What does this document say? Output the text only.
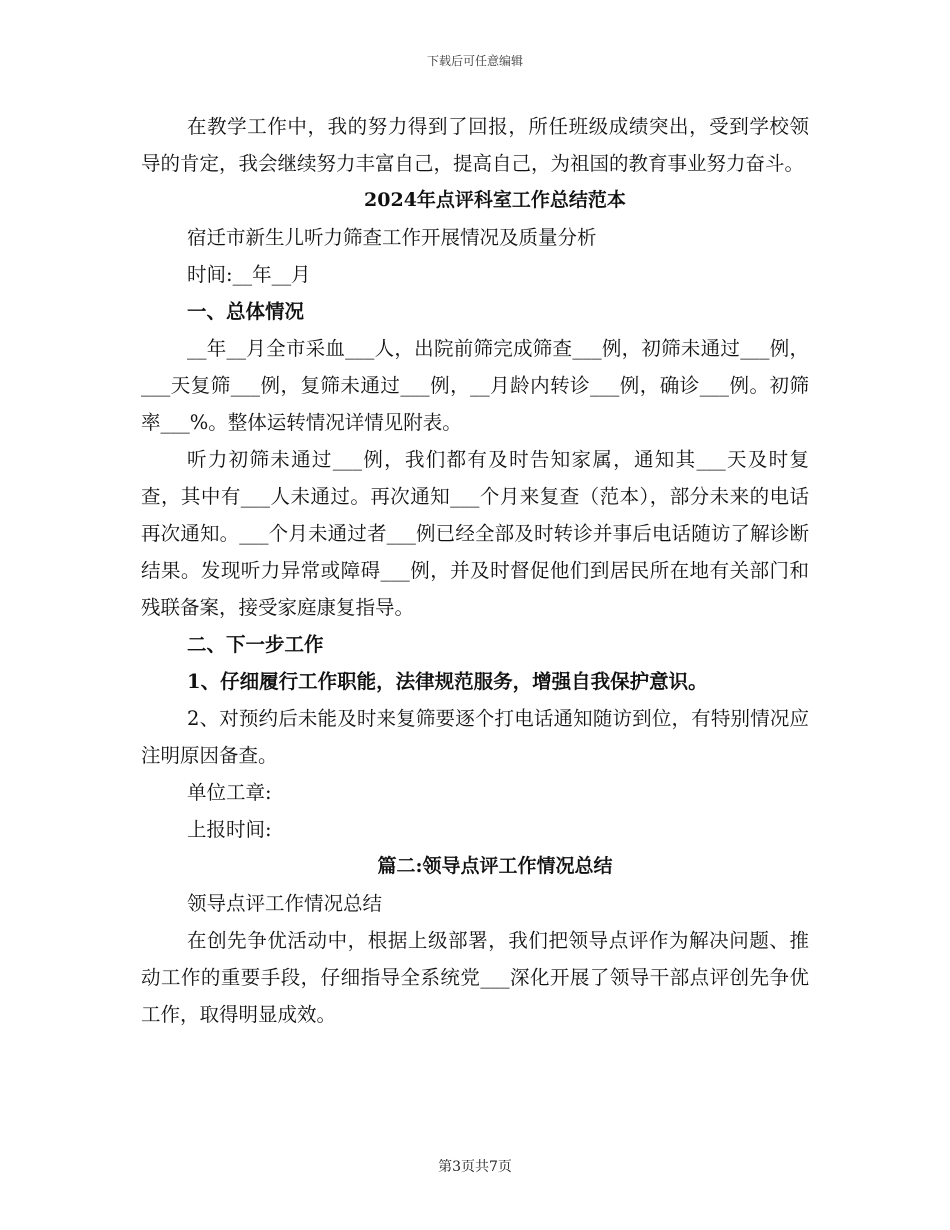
下载后可任意编辑

在教学工作中，我的努力得到了回报，所任班级成绩突出，受到学校领导的肯定，我会继续努力丰富自己，提高自己，为祖国的教育事业努力奋斗。

2024年点评科室工作总结范本

宿迁市新生儿听力筛查工作开展情况及质量分析

时间:__年__月

一、总体情况

__年__月全市采血___人，出院前筛完成筛查___例，初筛未通过___例，___天复筛___例，复筛未通过___例，__月龄内转诊___例，确诊___例。初筛率___%。整体运转情况详情见附表。

听力初筛未通过___例，我们都有及时告知家属，通知其___天及时复查，其中有___人未通过。再次通知___个月来复查（范本），部分未来的电话再次通知。___个月未通过者___例已经全部及时转诊并事后电话随访了解诊断结果。发现听力异常或障碍___例，并及时督促他们到居民所在地有关部门和残联备案，接受家庭康复指导。

二、下一步工作

1、仔细履行工作职能，法律规范服务，增强自我保护意识。

2、对预约后未能及时来复筛要逐个打电话通知随访到位，有特别情况应注明原因备查。

单位工章:

上报时间:

篇二:领导点评工作情况总结

领导点评工作情况总结

在创先争优活动中，根据上级部署，我们把领导点评作为解决问题、推动工作的重要手段，仔细指导全系统党___深化开展了领导干部点评创先争优工作，取得明显成效。

第3页共7页
